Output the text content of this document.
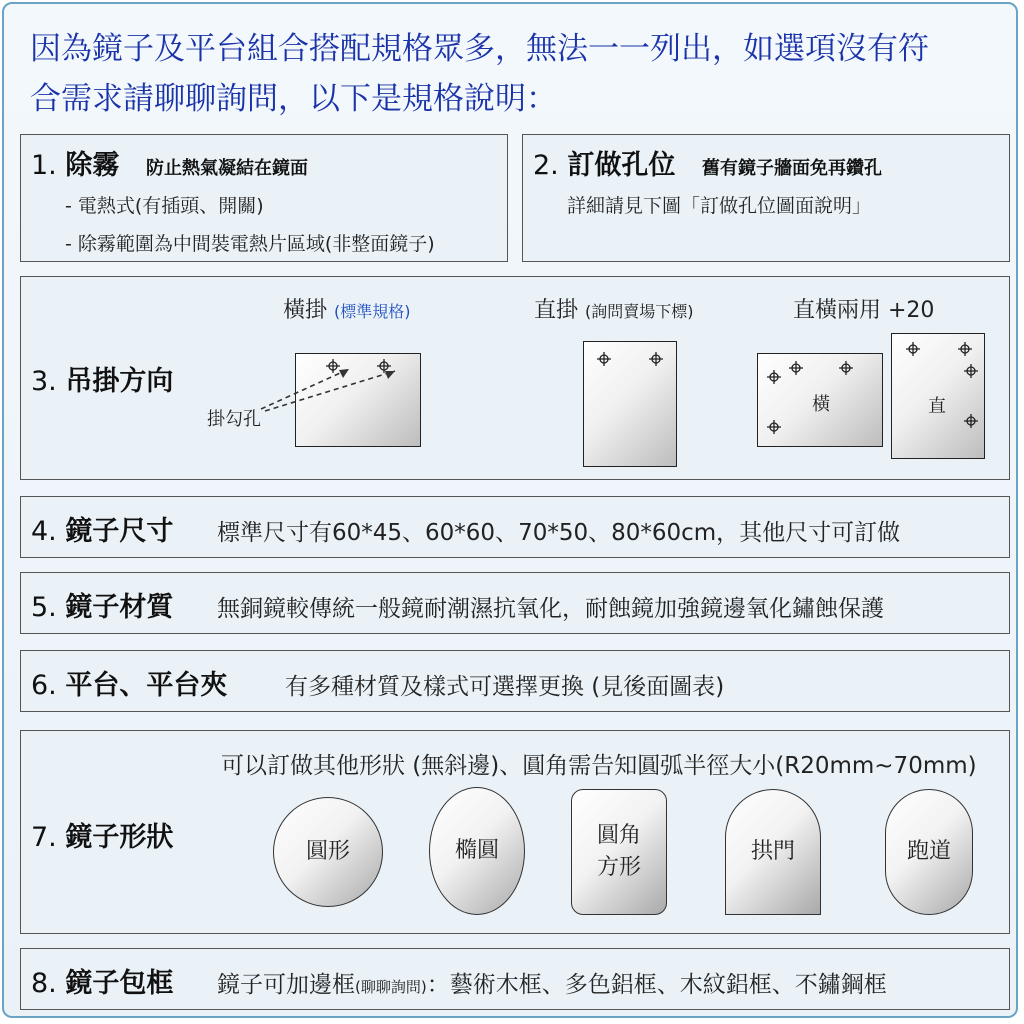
因為鏡子及平台組合搭配規格眾多，無法一一列出，如選項沒有符
合需求請聊聊詢問，以下是規格說明：
1. 除霧 防止熱氣凝結在鏡面
- 電熱式(有插頭、開關)
- 除霧範圍為中間裝電熱片區域(非整面鏡子)
2. 訂做孔位 舊有鏡子牆面免再鑽孔
詳細請見下圖「訂做孔位圖面說明」
3. 吊掛方向
橫掛 (標準規格)	直掛 (詢問賣場下標)	直橫兩用 +20
掛勾孔
橫	直
4. 鏡子尺寸 標準尺寸有60*45、60*60、70*50、80*60cm，其他尺寸可訂做
5. 鏡子材質 無銅鏡較傳統一般鏡耐潮濕抗氧化，耐蝕鏡加強鏡邊氧化鏽蝕保護
6. 平台、平台夾	有多種材質及樣式可選擇更換 (見後面圖表)
可以訂做其他形狀 (無斜邊)、圓角需告知圓弧半徑大小(R20mm~70mm)
7. 鏡子形狀	圓形	橢圓
圓角
方形
拱門	跑道
8. 鏡子包框 鏡子可加邊框(聊聊詢問)：藝術木框、多色鋁框、木紋鋁框、不鏽鋼框
